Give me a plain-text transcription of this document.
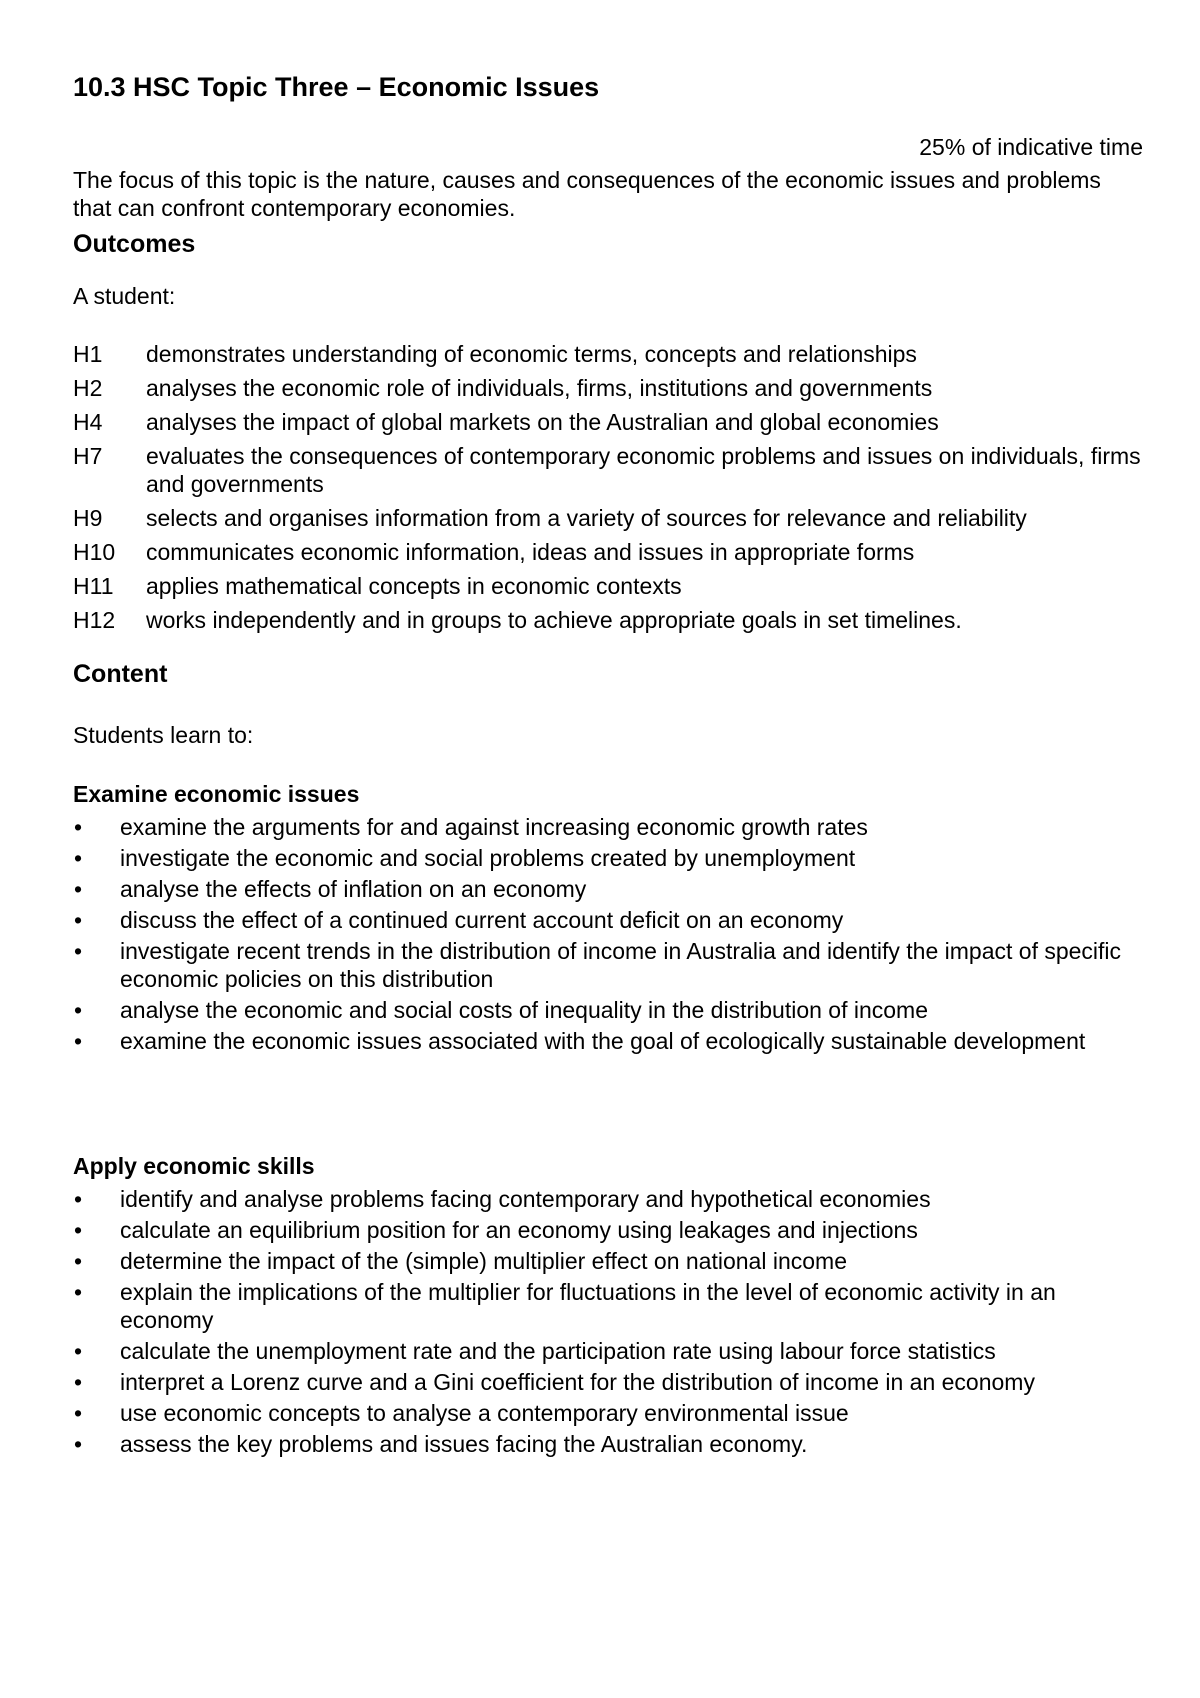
10.3 HSC Topic Three – Economic Issues
25% of indicative time
The focus of this topic is the nature, causes and consequences of the economic issues and problems that can confront contemporary economies.
Outcomes
A student:
H1	demonstrates understanding of economic terms, concepts and relationships
H2	analyses the economic role of individuals, firms, institutions and governments
H4	analyses the impact of global markets on the Australian and global economies
H7	evaluates the consequences of contemporary economic problems and issues on individuals, firms and governments
H9	selects and organises information from a variety of sources for relevance and reliability
H10	communicates economic information, ideas and issues in appropriate forms
H11	applies mathematical concepts in economic contexts
H12	works independently and in groups to achieve appropriate goals in set timelines.
Content
Students learn to:
Examine economic issues
•	examine the arguments for and against increasing economic growth rates
•	investigate the economic and social problems created by unemployment
•	analyse the effects of inflation on an economy
•	discuss the effect of a continued current account deficit on an economy
•	investigate recent trends in the distribution of income in Australia and identify the impact of specific economic policies on this distribution
•	analyse the economic and social costs of inequality in the distribution of income
•	examine the economic issues associated with the goal of ecologically sustainable development
Apply economic skills
•	identify and analyse problems facing contemporary and hypothetical economies
•	calculate an equilibrium position for an economy using leakages and injections
•	determine the impact of the (simple) multiplier effect on national income
•	explain the implications of the multiplier for fluctuations in the level of economic activity in an economy
•	calculate the unemployment rate and the participation rate using labour force statistics
•	interpret a Lorenz curve and a Gini coefficient for the distribution of income in an economy
•	use economic concepts to analyse a contemporary environmental issue
•	assess the key problems and issues facing the Australian economy.
